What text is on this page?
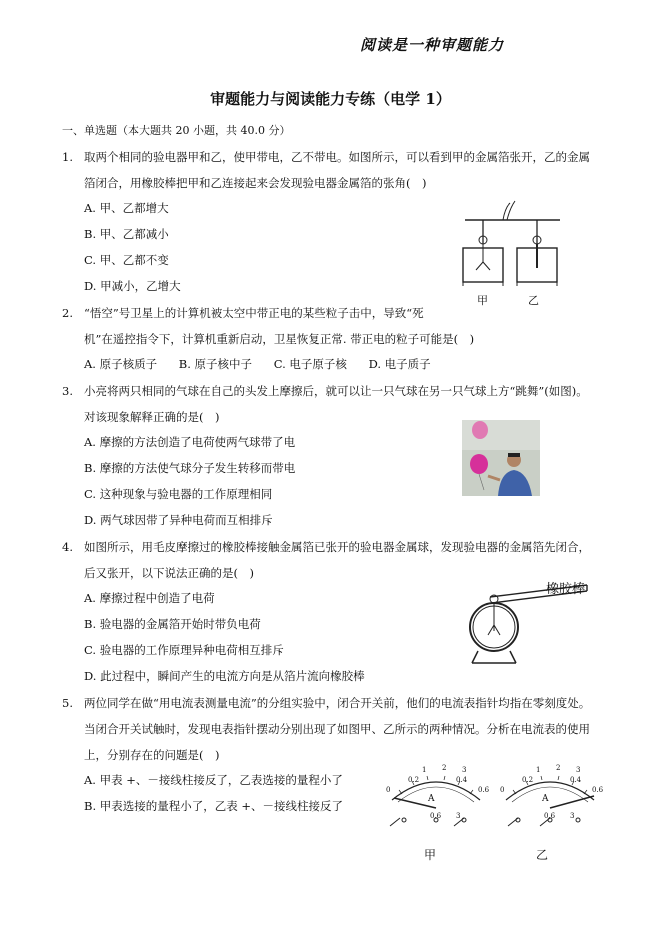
阅读是一种审题能力
审题能力与阅读能力专练（电学 1）
一、单选题（本大题共 20 小题，共 40.0 分）
1. 取两个相同的验电器甲和乙，使甲带电，乙不带电。如图所示，可以看到甲的金属箔张开，乙的金属
箔闭合，用橡胶棒把甲和乙连接起来会发现验电器金属箔的张角(　)
A. 甲、乙都增大
B. 甲、乙都减小
C. 甲、乙都不变
D. 甲减小，乙增大
甲	乙
2. “悟空”号卫星上的计算机被太空中带正电的某些粒子击中，导致“死
机”在遥控指令下，计算机重新启动，卫星恢复正常. 带正电的粒子可能是(　)
A. 原子核质子 B. 原子核中子 C. 电子原子核 D. 电子质子
3. 小亮将两只相同的气球在自己的头发上摩擦后，就可以让一只气球在另一只气球上方“跳舞”(如图)。
对该现象解释正确的是(　)
A. 摩擦的方法创造了电荷使两气球带了电
B. 摩擦的方法使气球分子发生转移而带电
C. 这种现象与验电器的工作原理相同
D. 两气球因带了异种电荷而互相排斥
4. 如图所示，用毛皮摩擦过的橡胶棒接触金属箔已张开的验电器金属球，发现验电器的金属箔先闭合，
后又张开，以下说法正确的是(　)
A. 摩擦过程中创造了电荷
B. 验电器的金属箔开始时带负电荷
C. 验电器的工作原理异种电荷相互排斥
D. 此过程中，瞬间产生的电流方向是从箔片流向橡胶棒
橡胶棒
5. 两位同学在做“用电流表测量电流”的分组实验中，闭合开关前，他们的电流表指针均指在零刻度处。
当闭合开关试触时，发现电表指针摆动分别出现了如图甲、乙所示的两种情况。分析在电流表的使用
上，分别存在的问题是(　)
A. 甲表 +、－接线柱接反了，乙表选接的量程小了
B. 甲表选接的量程小了，乙表 +、－接线柱接反了	A
0
0.2	0.4
0.6
1 2 3
0.6 3
A
0
0.2	0.4
0.6
1 2 3
0.6 3
甲	乙
